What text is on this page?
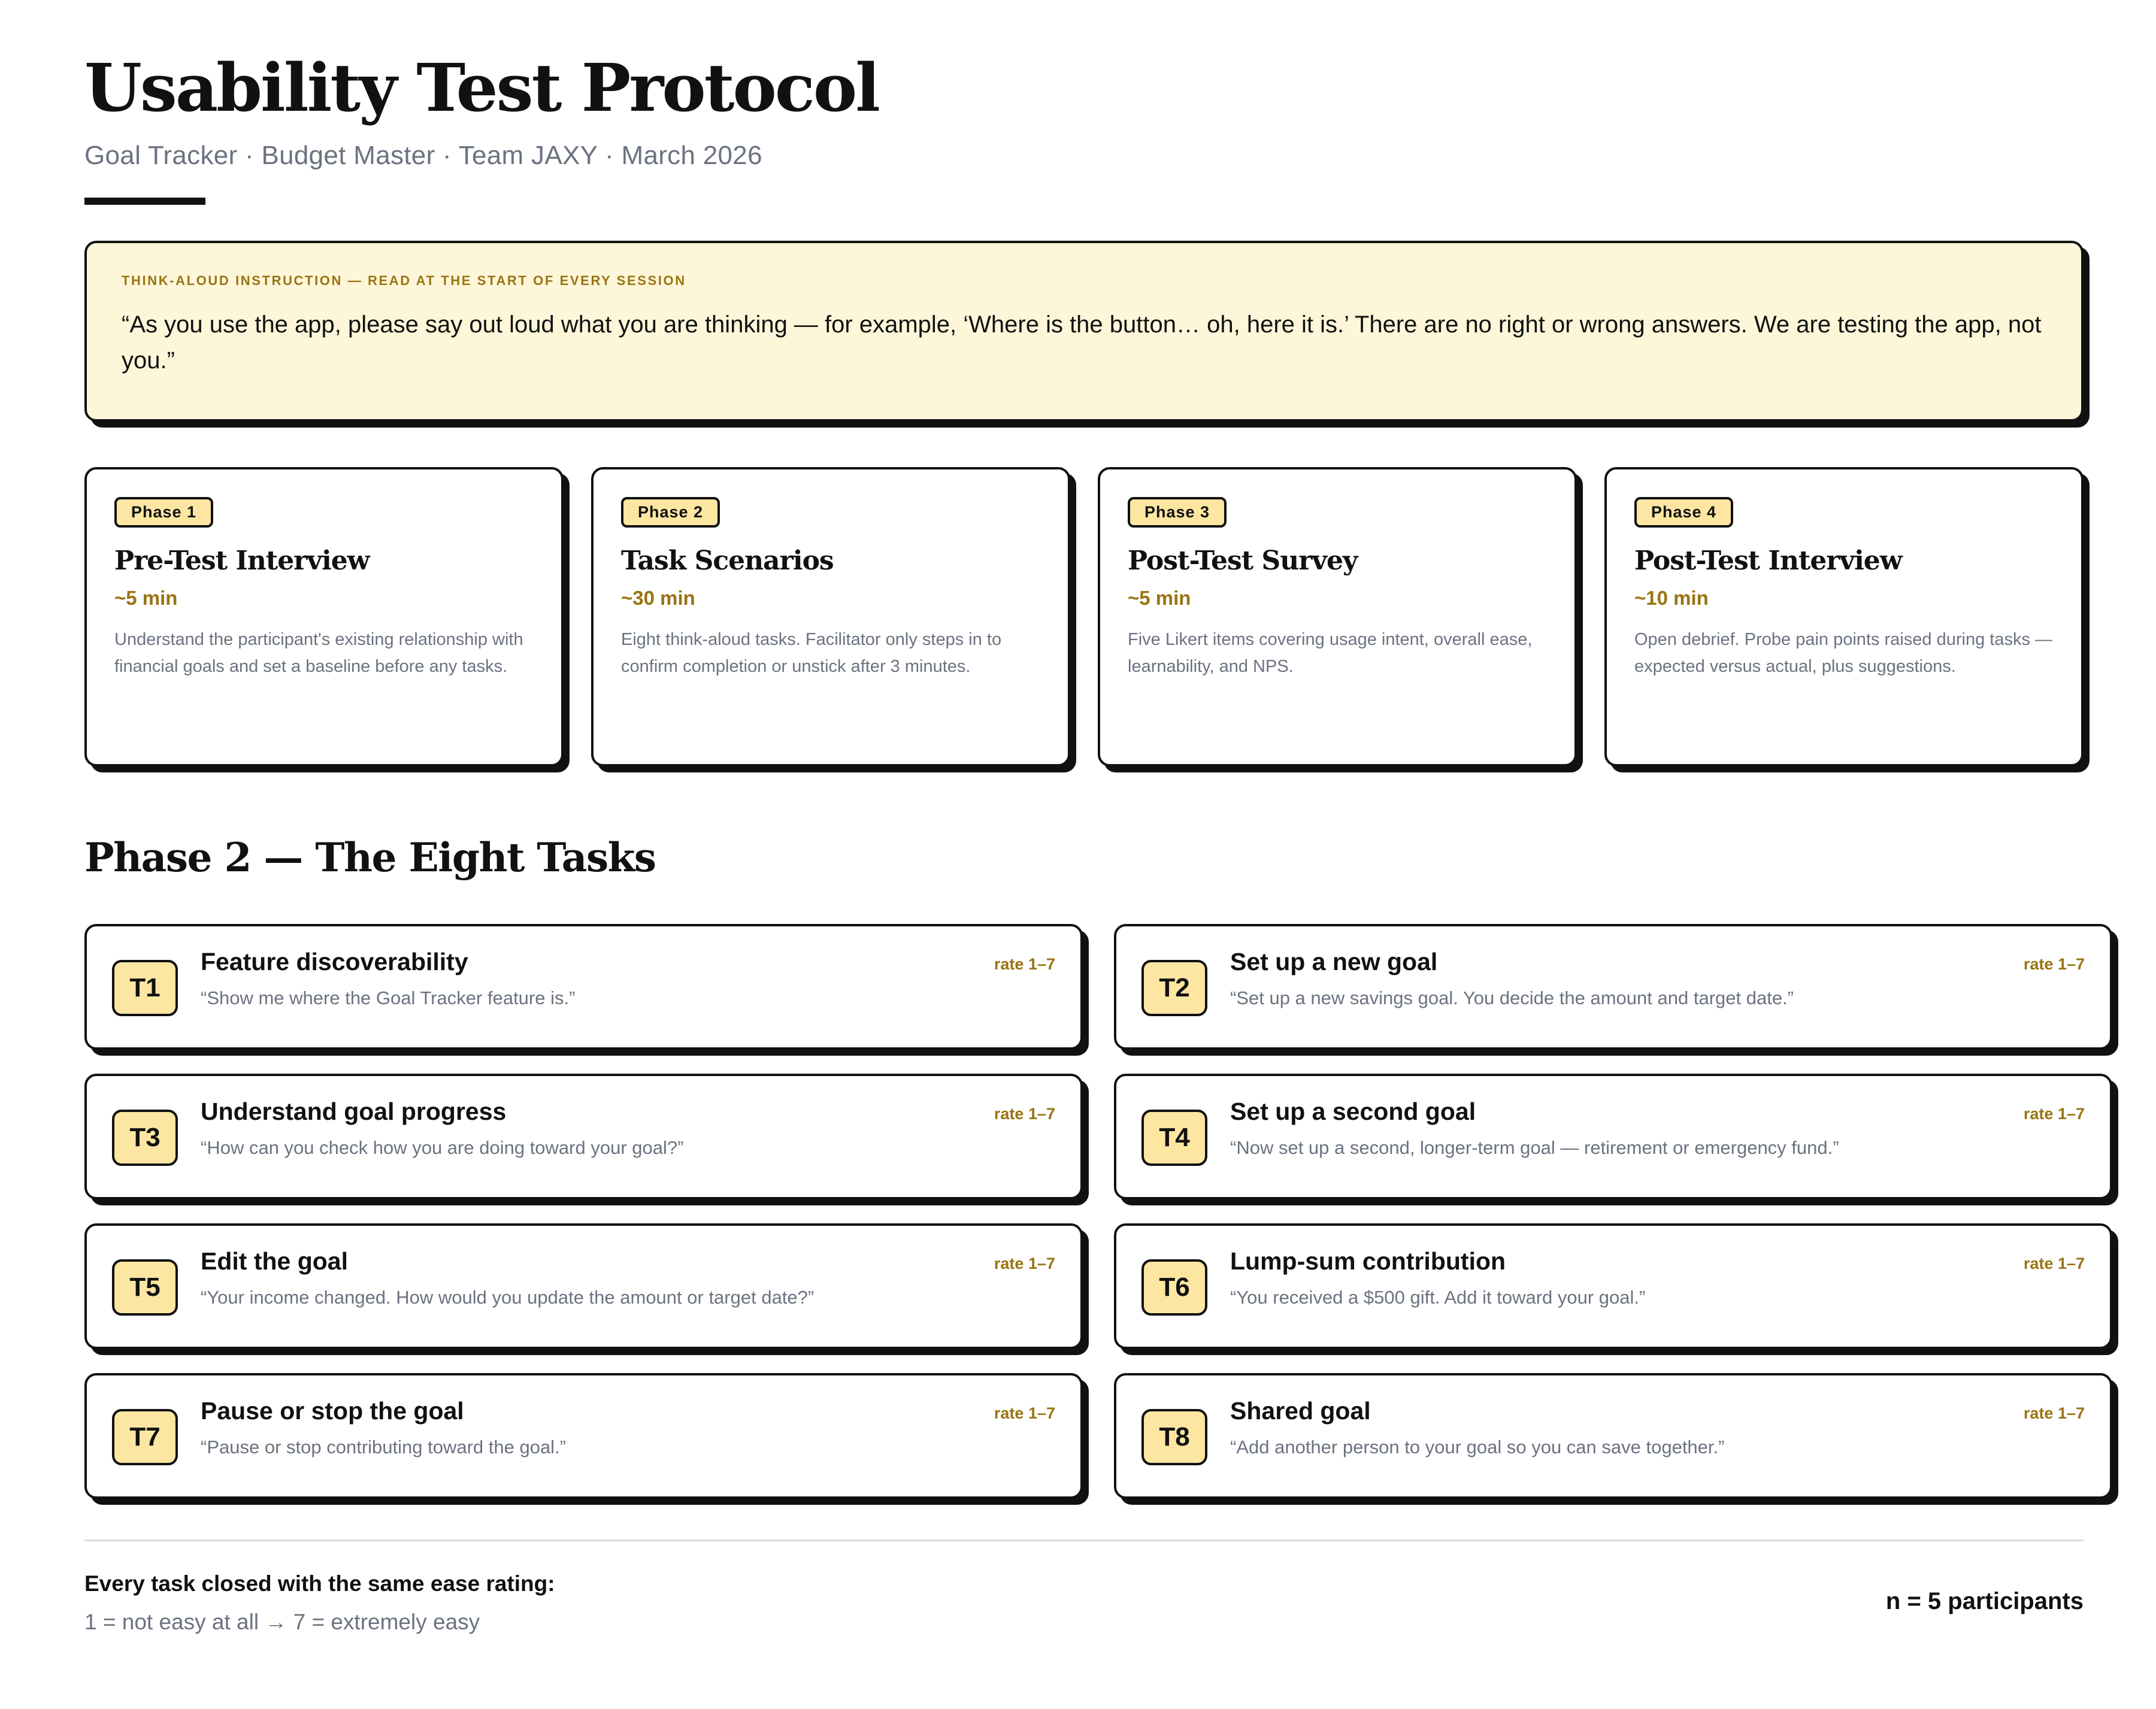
Usability Test Protocol
Goal Tracker · Budget Master · Team JAXY · March 2026
THINK-ALOUD INSTRUCTION — READ AT THE START OF EVERY SESSION
“As you use the app, please say out loud what you are thinking — for example, ‘Where is the button… oh, here it is.’ There are no right or wrong answers. We are testing the app, not you.”
Phase 1
Pre-Test Interview
~5 min
Understand the participant's existing relationship with financial goals and set a baseline before any tasks.
Phase 2
Task Scenarios
~30 min
Eight think-aloud tasks. Facilitator only steps in to confirm completion or unstick after 3 minutes.
Phase 3
Post-Test Survey
~5 min
Five Likert items covering usage intent, overall ease, learnability, and NPS.
Phase 4
Post-Test Interview
~10 min
Open debrief. Probe pain points raised during tasks — expected versus actual, plus suggestions.
Phase 2 — The Eight Tasks
T1
Feature discoverability
“Show me where the Goal Tracker feature is.”
rate 1–7
T2
Set up a new goal
“Set up a new savings goal. You decide the amount and target date.”
rate 1–7
T3
Understand goal progress
“How can you check how you are doing toward your goal?”
rate 1–7
T4
Set up a second goal
“Now set up a second, longer-term goal — retirement or emergency fund.”
rate 1–7
T5
Edit the goal
“Your income changed. How would you update the amount or target date?”
rate 1–7
T6
Lump-sum contribution
“You received a $500 gift. Add it toward your goal.”
rate 1–7
T7
Pause or stop the goal
“Pause or stop contributing toward the goal.”
rate 1–7
T8
Shared goal
“Add another person to your goal so you can save together.”
rate 1–7
Every task closed with the same ease rating:
1 = not easy at all → 7 = extremely easy
n = 5 participants
